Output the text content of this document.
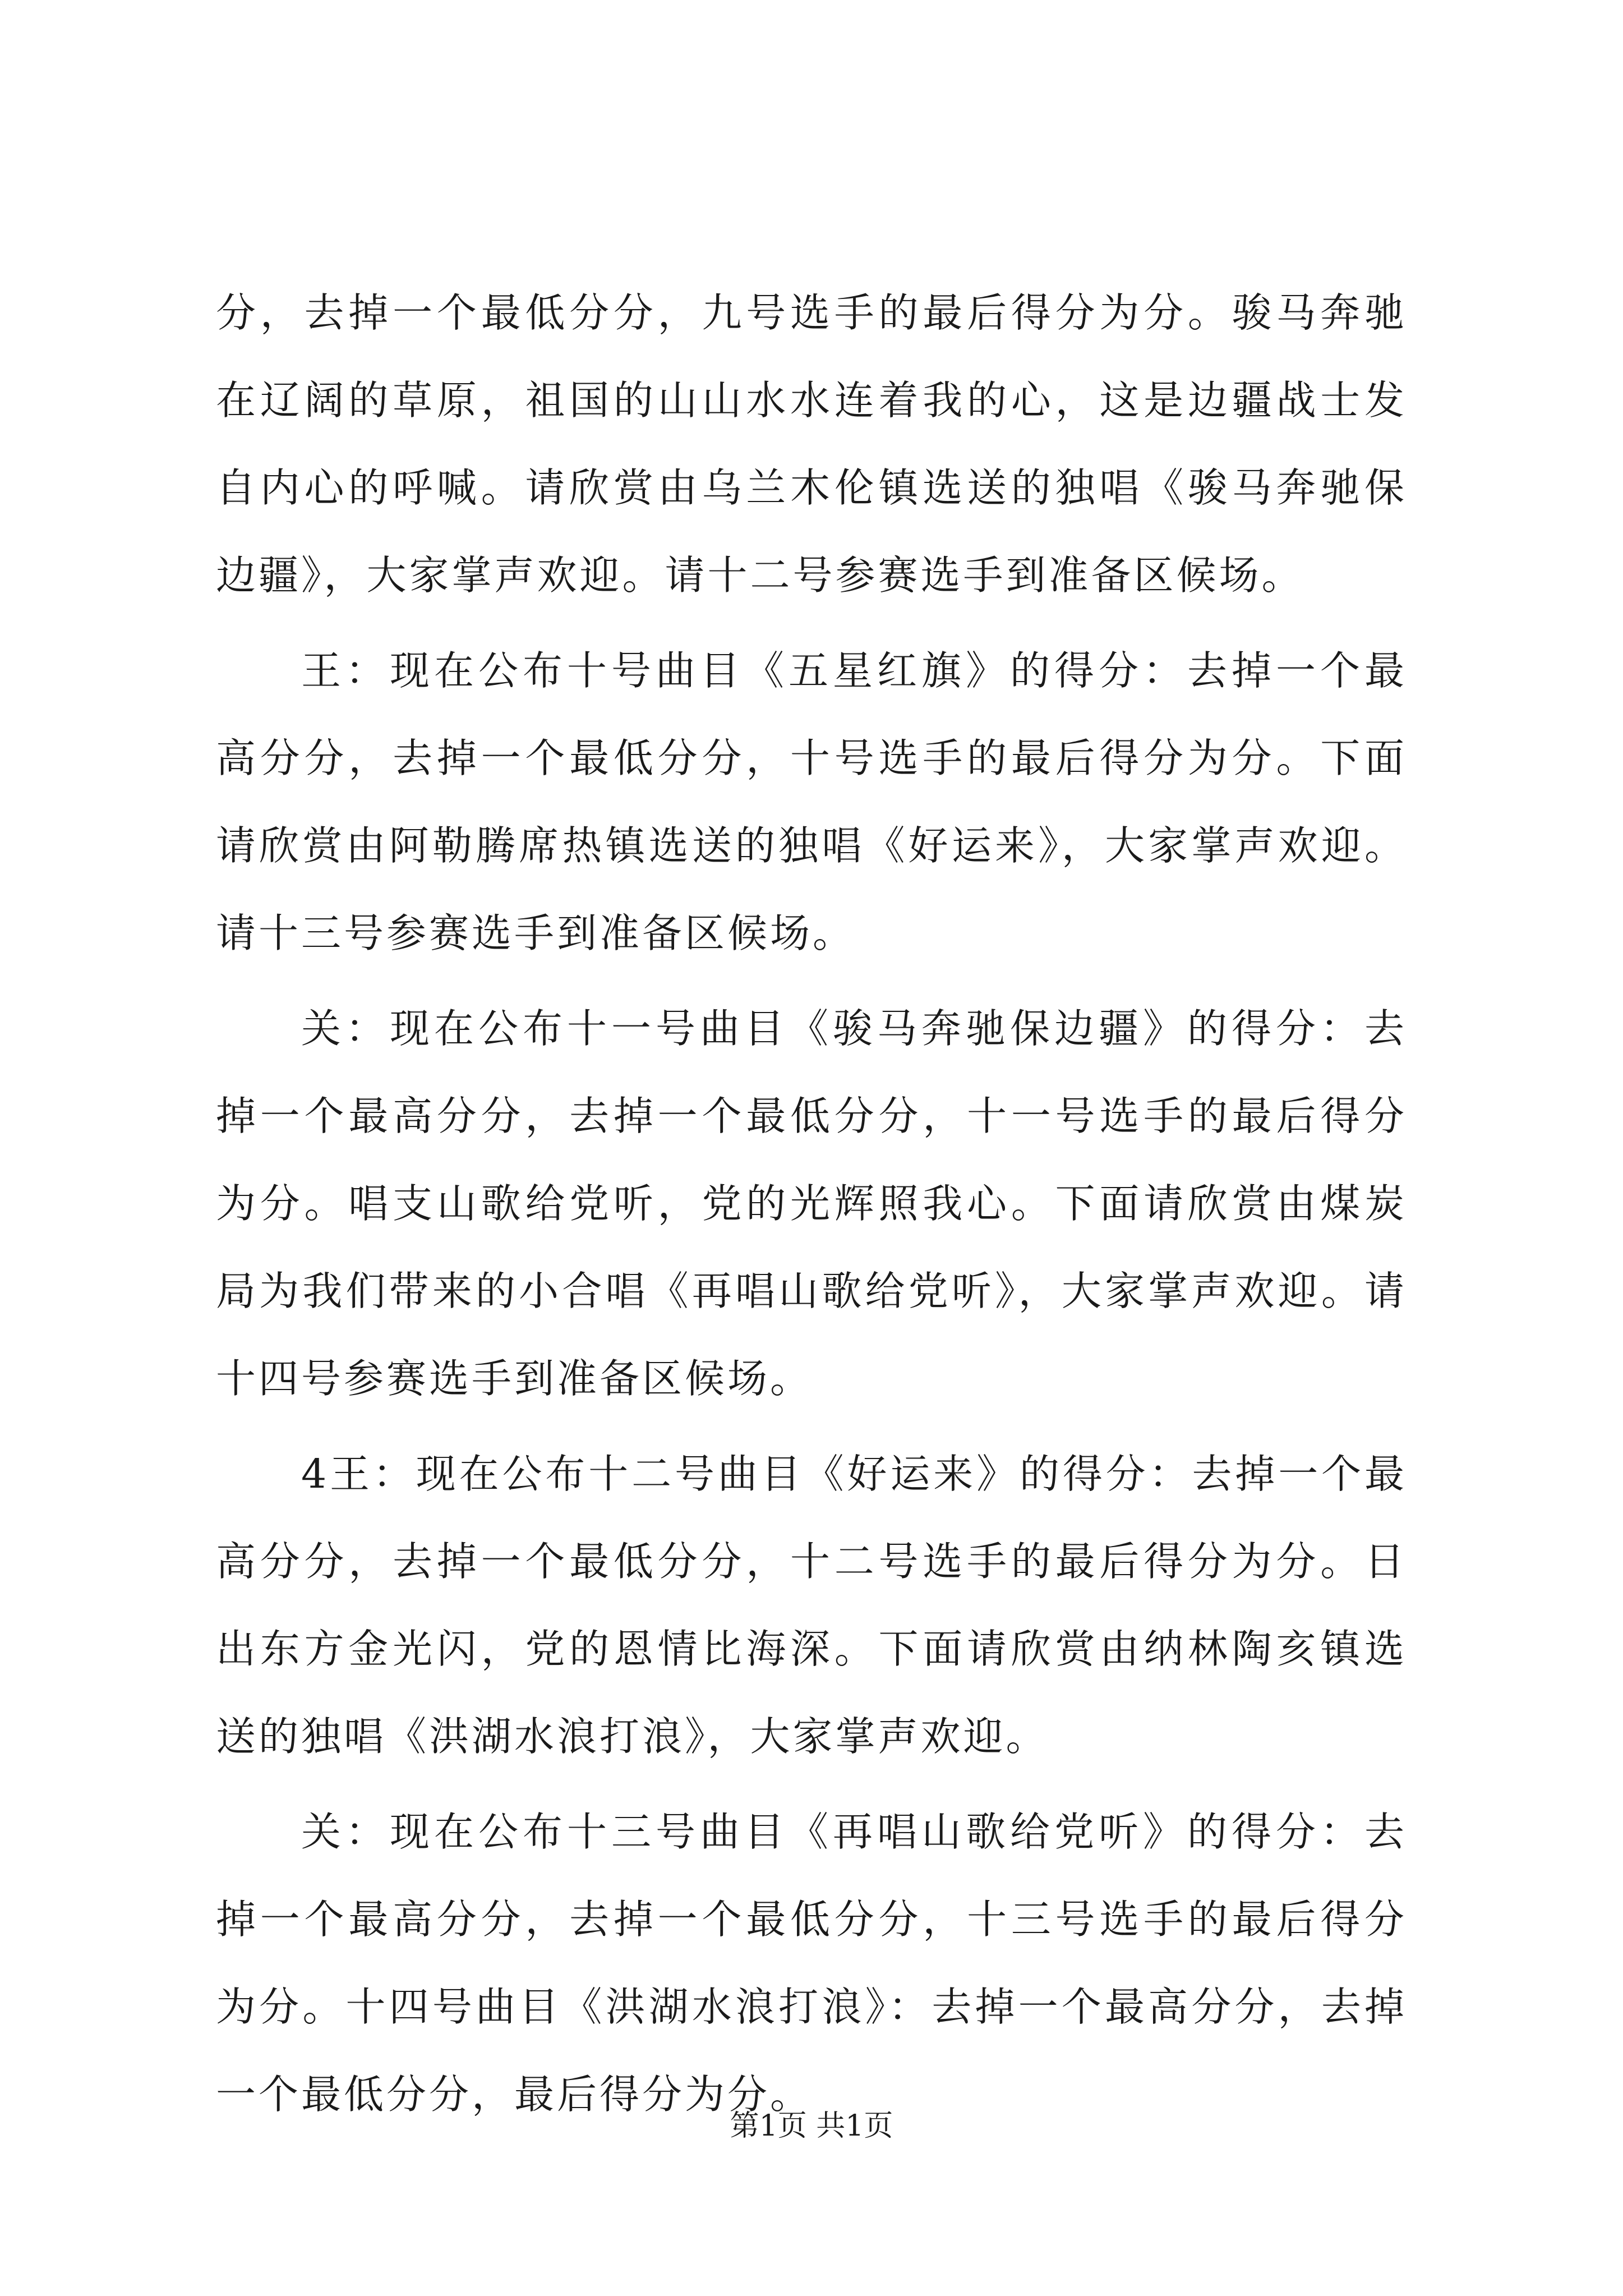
分，去掉一个最低分分，九号选手的最后得分为分。骏马奔驰在辽阔的草原，祖国的山山水水连着我的心，这是边疆战士发自内心的呼喊。请欣赏由乌兰木伦镇选送的独唱《骏马奔驰保边疆》，大家掌声欢迎。请十二号参赛选手到准备区候场。

王：现在公布十号曲目《五星红旗》的得分：去掉一个最高分分，去掉一个最低分分，十号选手的最后得分为分。下面请欣赏由阿勒腾席热镇选送的独唱《好运来》，大家掌声欢迎。请十三号参赛选手到准备区候场。

关：现在公布十一号曲目《骏马奔驰保边疆》的得分：去掉一个最高分分，去掉一个最低分分，十一号选手的最后得分为分。唱支山歌给党听，党的光辉照我心。下面请欣赏由煤炭局为我们带来的小合唱《再唱山歌给党听》，大家掌声欢迎。请十四号参赛选手到准备区候场。

4王：现在公布十二号曲目《好运来》的得分：去掉一个最高分分，去掉一个最低分分，十二号选手的最后得分为分。日出东方金光闪，党的恩情比海深。下面请欣赏由纳林陶亥镇选送的独唱《洪湖水浪打浪》，大家掌声欢迎。

关：现在公布十三号曲目《再唱山歌给党听》的得分：去掉一个最高分分，去掉一个最低分分，十三号选手的最后得分为分。十四号曲目《洪湖水浪打浪》：去掉一个最高分分，去掉一个最低分分，最后得分为分。

第1页 共1页
